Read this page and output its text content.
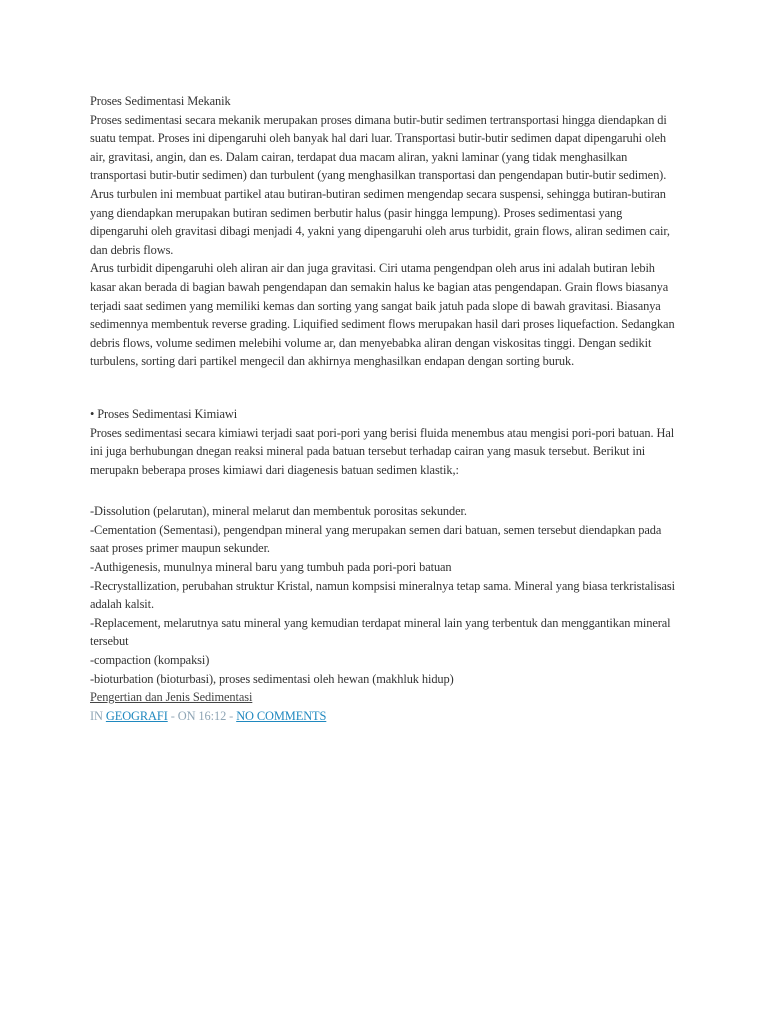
Proses Sedimentasi Mekanik

Proses sedimentasi secara mekanik merupakan proses dimana butir-butir sedimen tertransportasi hingga diendapkan di suatu tempat. Proses ini dipengaruhi oleh banyak hal dari luar. Transportasi butir-butir sedimen dapat dipengaruhi oleh air, gravitasi, angin, dan es. Dalam cairan, terdapat dua macam aliran, yakni laminar (yang tidak menghasilkan transportasi butir-butir sedimen) dan turbulent (yang menghasilkan transportasi dan pengendapan butir-butir sedimen). Arus turbulen ini membuat partikel atau butiran-butiran sedimen mengendap secara suspensi, sehingga butiran-butiran yang diendapkan merupakan butiran sedimen berbutir halus (pasir hingga lempung). Proses sedimentasi yang dipengaruhi oleh gravitasi dibagi menjadi 4, yakni yang dipengaruhi oleh arus turbidit, grain flows, aliran sedimen cair, dan debris flows.

Arus turbidit dipengaruhi oleh aliran air dan juga gravitasi. Ciri utama pengendpan oleh arus ini adalah butiran lebih kasar akan berada di bagian bawah pengendapan dan semakin halus ke bagian atas pengendapan. Grain flows biasanya terjadi saat sedimen yang memiliki kemas dan sorting yang sangat baik jatuh pada slope di bawah gravitasi. Biasanya sedimennya membentuk reverse grading. Liquified sediment flows merupakan hasil dari proses liquefaction. Sedangkan debris flows, volume sedimen melebihi volume ar, dan menyebabka aliran dengan viskositas tinggi. Dengan sedikit turbulens, sorting dari partikel mengecil dan akhirnya menghasilkan endapan dengan sorting buruk.

• Proses Sedimentasi Kimiawi

Proses sedimentasi secara kimiawi terjadi saat pori-pori yang berisi fluida menembus atau mengisi pori-pori batuan. Hal ini juga berhubungan dnegan reaksi mineral pada batuan tersebut terhadap cairan yang masuk tersebut. Berikut ini merupakn beberapa proses kimiawi dari diagenesis batuan sedimen klastik,:

-Dissolution (pelarutan), mineral melarut dan membentuk porositas sekunder.

-Cementation (Sementasi), pengendpan mineral yang merupakan semen dari batuan, semen tersebut diendapkan pada saat proses primer maupun sekunder.

-Authigenesis, munulnya mineral baru yang tumbuh pada pori-pori batuan

-Recrystallization, perubahan struktur Kristal, namun kompsisi mineralnya tetap sama. Mineral yang biasa terkristalisasi adalah kalsit.

-Replacement, melarutnya satu mineral yang kemudian terdapat mineral lain yang terbentuk dan menggantikan mineral tersebut

-compaction (kompaksi)

-bioturbation (bioturbasi), proses sedimentasi oleh hewan (makhluk hidup)

Pengertian dan Jenis Sedimentasi
IN GEOGRAFI - ON 16:12 - NO COMMENTS
